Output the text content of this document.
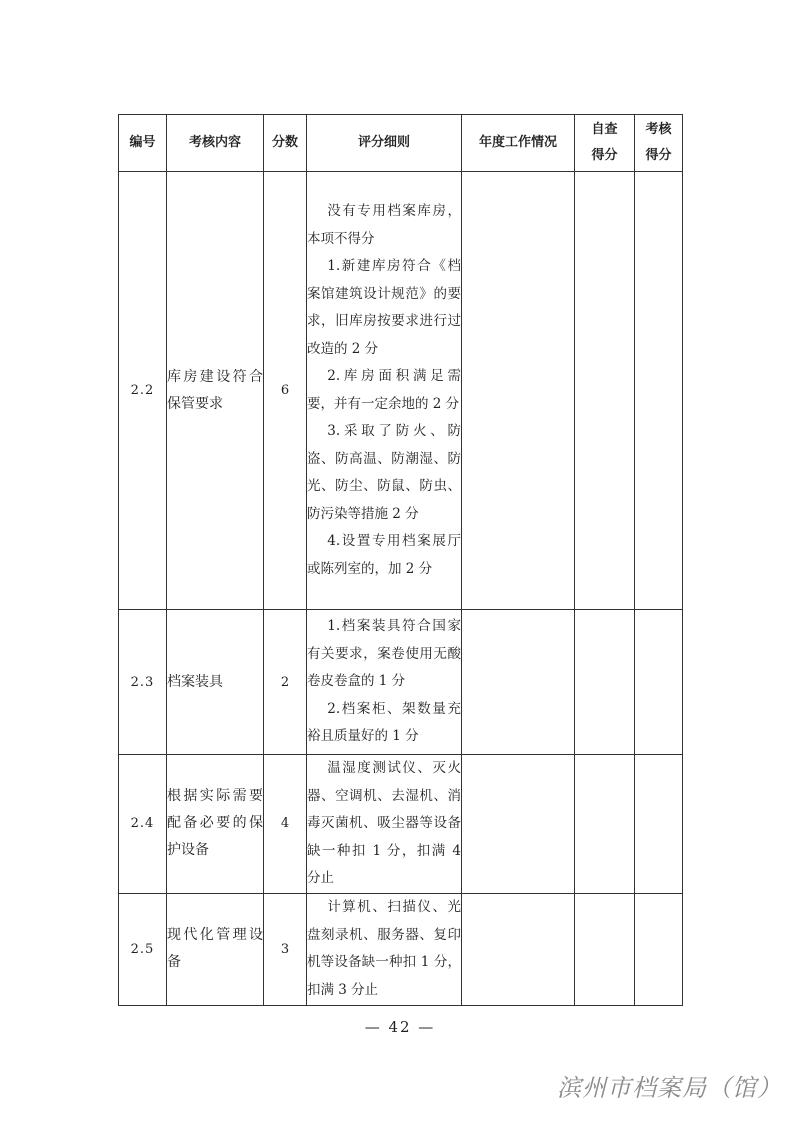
编号	考核内容	分数	评分细则	年度工作情况	自查得分	考核得分
2.2	库房建设符合保管要求	6	没有专用档案库房，本项不得分

1.新建库房符合《档案馆建筑设计规范》的要求，旧库房按要求进行过改造的 2 分

2.库房面积满足需要，并有一定余地的 2 分

3.采取了防火、防盗、防高温、防潮湿、防光、防尘、防鼠、防虫、防污染等措施 2 分

4.设置专用档案展厅或陈列室的，加 2 分			

2.3	档案装具	2	1.档案装具符合国家有关要求，案卷使用无酸卷皮卷盒的 1 分

2.档案柜、架数量充裕且质量好的 1 分			

2.4	根据实际需要配备必要的保护设备	4	温湿度测试仪、灭火器、空调机、去湿机、消毒灭菌机、吸尘器等设备缺一种扣 1 分，扣满 4 分止			

2.5	现代化管理设备	3	计算机、扫描仪、光盘刻录机、服务器、复印机等设备缺一种扣 1 分，扣满 3 分止			

— 42 —
滨州市档案局（馆）
